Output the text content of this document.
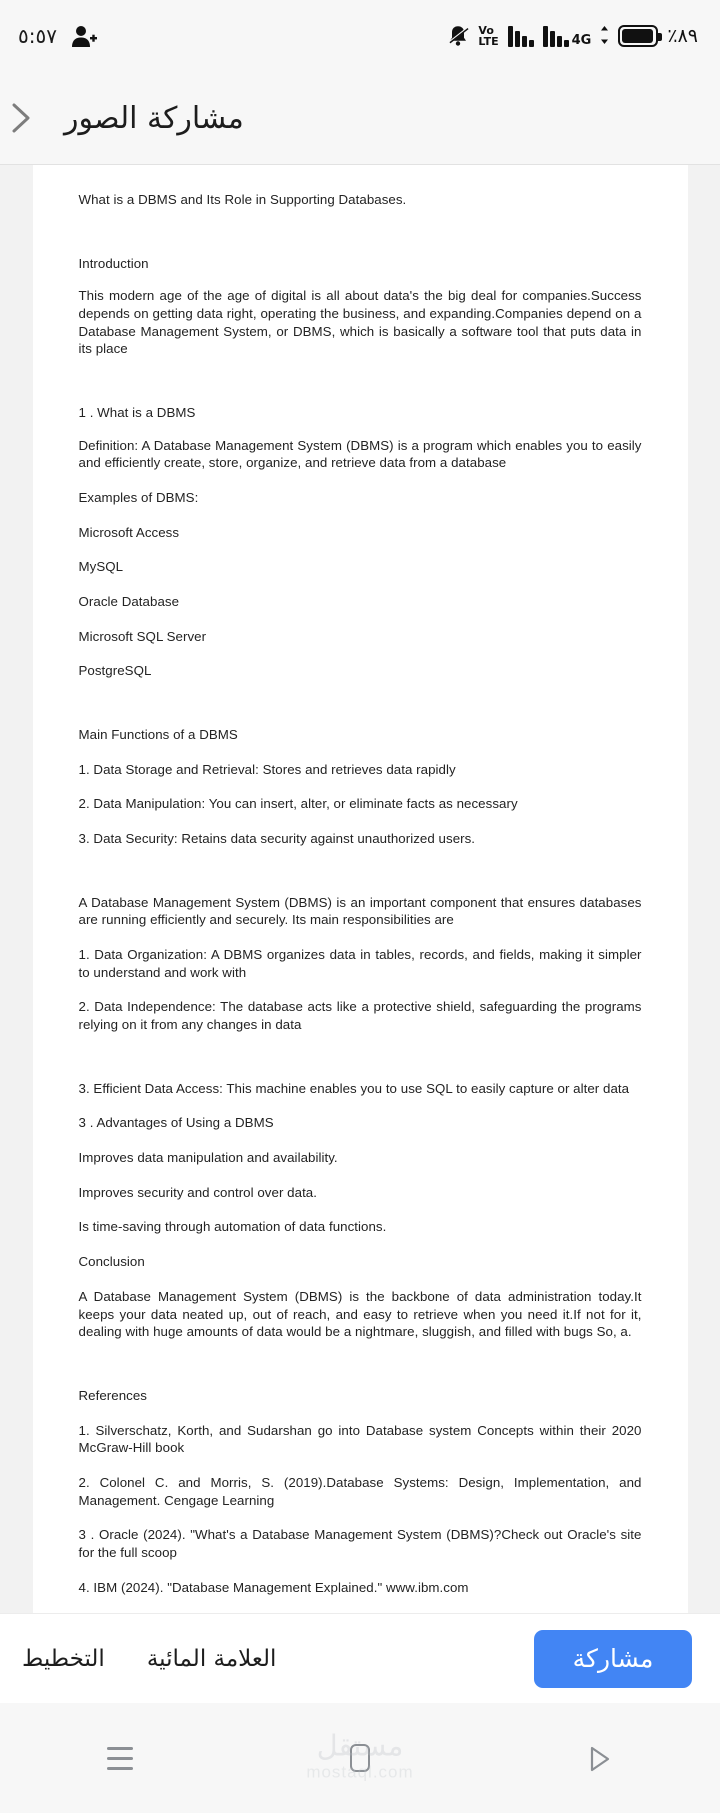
٥:٥٧	٪٨٩
4G
Vo
LTE
مشاركة الصور

What is a DBMS and Its Role in Supporting Databases.

Introduction

This modern age of the age of digital is all about data's the big deal for companies.Success depends on getting data right, operating the business, and expanding.Companies depend on a Database Management System, or DBMS, which is basically a software tool that puts data in its place

1 . What is a DBMS

Definition: A Database Management System (DBMS) is a program which enables you to easily and efficiently create, store, organize, and retrieve data from a database

Examples of DBMS:

Microsoft Access

MySQL

Oracle Database

Microsoft SQL Server

PostgreSQL

Main Functions of a DBMS

1. Data Storage and Retrieval: Stores and retrieves data rapidly

2. Data Manipulation: You can insert, alter, or eliminate facts as necessary

3. Data Security: Retains data security against unauthorized users.

A Database Management System (DBMS) is an important component that ensures databases are running efficiently and securely. Its main responsibilities are

1. Data Organization: A DBMS organizes data in tables, records, and fields, making it simpler to understand and work with

2. Data Independence: The database acts like a protective shield, safeguarding the programs relying on it from any changes in data

3. Efficient Data Access: This machine enables you to use SQL to easily capture or alter data

3 . Advantages of Using a DBMS

Improves data manipulation and availability.

Improves security and control over data.

Is time-saving through automation of data functions.

Conclusion

A Database Management System (DBMS) is the backbone of data administration today.It keeps your data neated up, out of reach, and easy to retrieve when you need it.If not for it, dealing with huge amounts of data would be a nightmare, sluggish, and filled with bugs So, a.

References

1. Silverschatz, Korth, and Sudarshan go into Database system Concepts within their 2020 McGraw-Hill book

2. Colonel C. and Morris, S. (2019).Database Systems: Design, Implementation, and Management. Cengage Learning

3 . Oracle (2024). "What's a Database Management System (DBMS)?Check out Oracle's site for the full scoop

4. IBM (2024). "Database Management Explained." www.ibm.com

مشاركة
العلامة المائية
التخطيط
مستقل
mostaql.com
